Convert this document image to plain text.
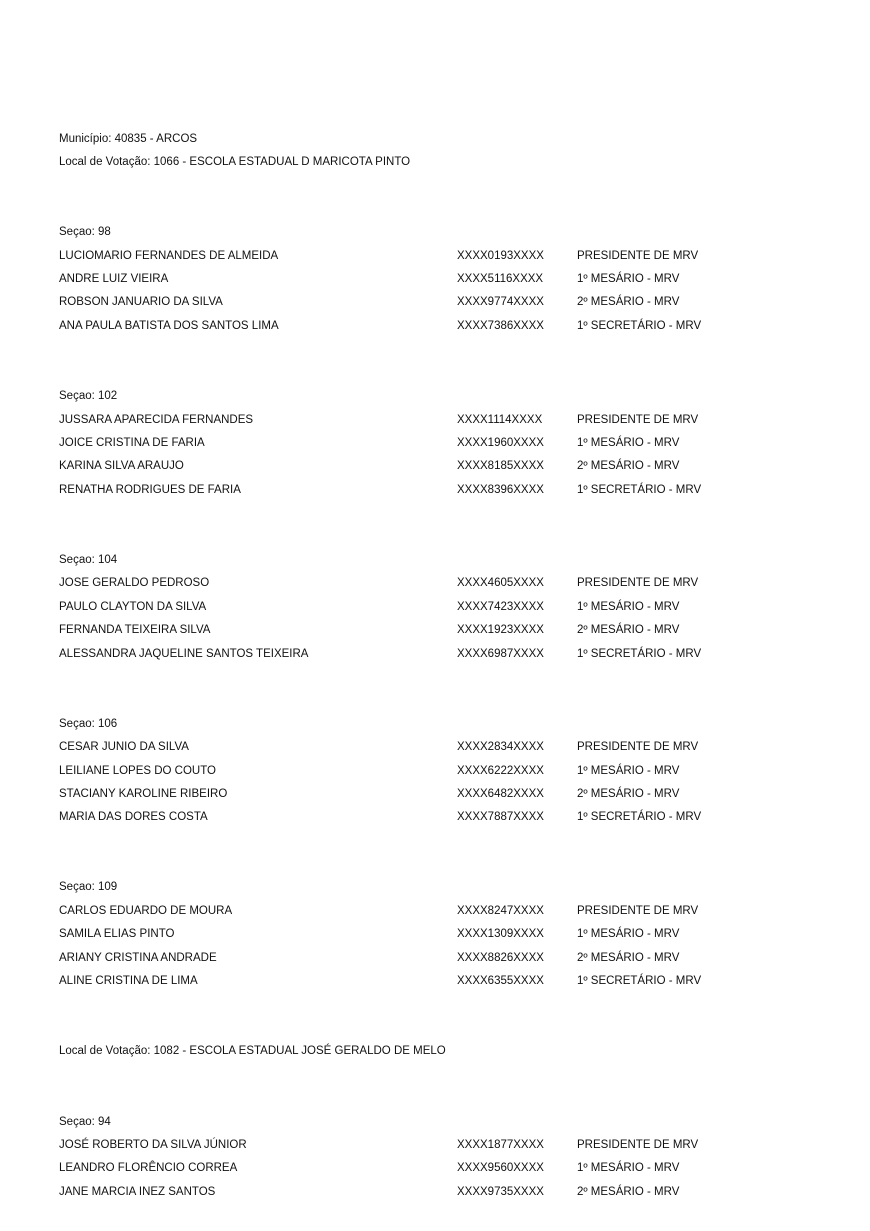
Município: 40835 - ARCOS
Local de Votação: 1066 - ESCOLA ESTADUAL D MARICOTA PINTO
Seçao: 98
LUCIOMARIO FERNANDES DE ALMEIDA	XXXX0193XXXX	PRESIDENTE DE MRV
ANDRE LUIZ VIEIRA	XXXX5116XXXX	1º MESÁRIO - MRV
ROBSON JANUARIO DA SILVA	XXXX9774XXXX	2º MESÁRIO - MRV
ANA PAULA BATISTA DOS SANTOS LIMA	XXXX7386XXXX	1º SECRETÁRIO - MRV
Seçao: 102
JUSSARA APARECIDA FERNANDES	XXXX1114XXXX	PRESIDENTE DE MRV
JOICE CRISTINA DE FARIA	XXXX1960XXXX	1º MESÁRIO - MRV
KARINA SILVA ARAUJO	XXXX8185XXXX	2º MESÁRIO - MRV
RENATHA RODRIGUES DE FARIA	XXXX8396XXXX	1º SECRETÁRIO - MRV
Seçao: 104
JOSE GERALDO PEDROSO	XXXX4605XXXX	PRESIDENTE DE MRV
PAULO CLAYTON DA SILVA	XXXX7423XXXX	1º MESÁRIO - MRV
FERNANDA TEIXEIRA SILVA	XXXX1923XXXX	2º MESÁRIO - MRV
ALESSANDRA JAQUELINE SANTOS TEIXEIRA	XXXX6987XXXX	1º SECRETÁRIO - MRV
Seçao: 106
CESAR JUNIO DA SILVA	XXXX2834XXXX	PRESIDENTE DE MRV
LEILIANE LOPES DO COUTO	XXXX6222XXXX	1º MESÁRIO - MRV
STACIANY KAROLINE RIBEIRO	XXXX6482XXXX	2º MESÁRIO - MRV
MARIA DAS DORES COSTA	XXXX7887XXXX	1º SECRETÁRIO - MRV
Seçao: 109
CARLOS EDUARDO DE MOURA	XXXX8247XXXX	PRESIDENTE DE MRV
SAMILA ELIAS PINTO	XXXX1309XXXX	1º MESÁRIO - MRV
ARIANY CRISTINA ANDRADE	XXXX8826XXXX	2º MESÁRIO - MRV
ALINE CRISTINA DE LIMA	XXXX6355XXXX	1º SECRETÁRIO - MRV
Local de Votação: 1082 - ESCOLA ESTADUAL JOSÉ GERALDO DE MELO
Seçao: 94
JOSÉ ROBERTO DA SILVA JÚNIOR	XXXX1877XXXX	PRESIDENTE DE MRV
LEANDRO FLORÊNCIO CORREA	XXXX9560XXXX	1º MESÁRIO - MRV
JANE MARCIA INEZ SANTOS	XXXX9735XXXX	2º MESÁRIO - MRV
